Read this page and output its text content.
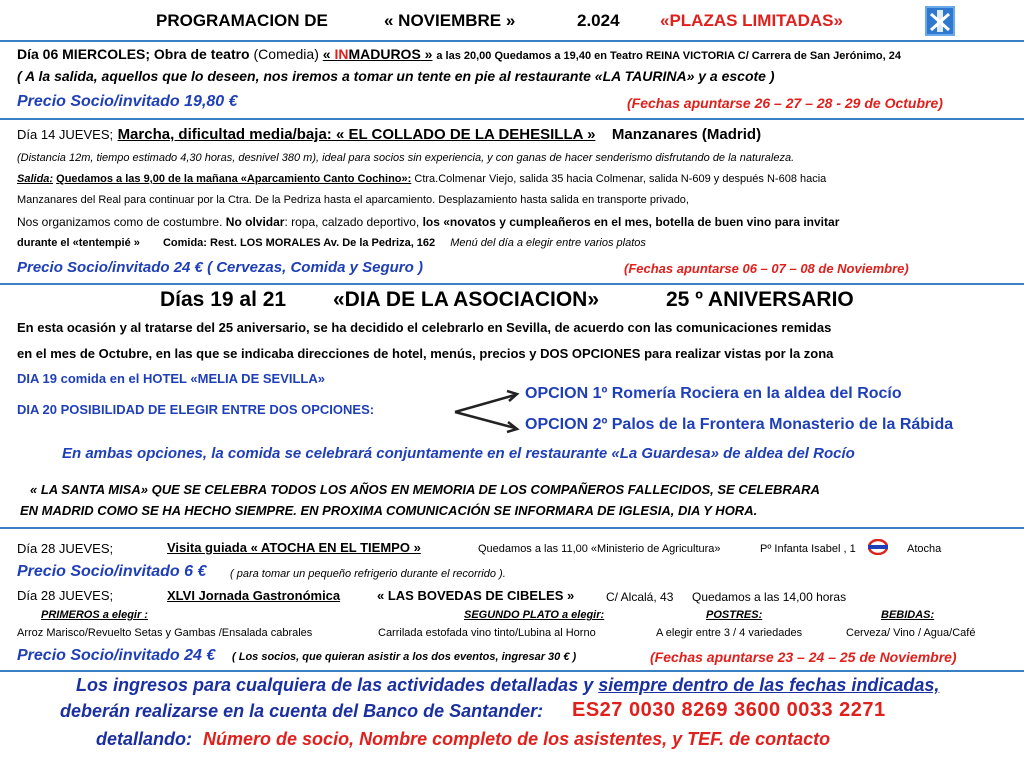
PROGRAMACION DE	« NOVIEMBRE »	2.024 «PLAZAS LIMITADAS»
Día 06 MIERCOLES; Obra de teatro (Comedia) « INMADUROS » a las 20,00 Quedamos a 19,40 en Teatro REINA VICTORIA C/ Carrera de San Jerónimo, 24
( A la salida, aquellos que lo deseen, nos iremos a tomar un tente en pie al restaurante «LA TAURINA» y a escote )
Precio Socio/invitado 19,80 €	(Fechas apuntarse 26 – 27 – 28 - 29 de Octubre)
Día 14 JUEVES; Marcha, dificultad media/baja: « EL COLLADO DE LA DEHESILLA » Manzanares (Madrid)
(Distancia 12m, tiempo estimado 4,30 horas, desnivel 380 m), ideal para socios sin experiencia, y con ganas de hacer senderismo disfrutando de la naturaleza.
Salida: Quedamos a las 9,00 de la mañana «Aparcamiento Canto Cochino»: Ctra.Colmenar Viejo, salida 35 hacia Colmenar, salida N-609 y después N-608 hacia
Manzanares del Real para continuar por la Ctra. De la Pedriza hasta el aparcamiento. Desplazamiento hasta salida en transporte privado,
Nos organizamos como de costumbre. No olvidar: ropa, calzado deportivo, los «novatos y cumpleañeros en el mes, botella de buen vino para invitar
durante el «tentempié » Comida: Rest. LOS MORALES Av. De la Pedriza, 162 Menú del día a elegir entre varios platos
Precio Socio/invitado 24 € ( Cervezas, Comida y Seguro )	(Fechas apuntarse 06 – 07 – 08 de Noviembre)
Días 19 al 21 «DIA DE LA ASOCIACION»	25 º ANIVERSARIO
En esta ocasión y al tratarse del 25 aniversario, se ha decidido el celebrarlo en Sevilla, de acuerdo con las comunicaciones remidas
en el mes de Octubre, en las que se indicaba direcciones de hotel, menús, precios y DOS OPCIONES para realizar vistas por la zona
DIA 19 comida en el HOTEL «MELIA DE SEVILLA»
DIA 20 POSIBILIDAD DE ELEGIR ENTRE DOS OPCIONES:
OPCION 1º Romería Rociera en la aldea del Rocío
OPCION 2º Palos de la Frontera Monasterio de la Rábida
En ambas opciones, la comida se celebrará conjuntamente en el restaurante «La Guardesa» de aldea del Rocío
« LA SANTA MISA» QUE SE CELEBRA TODOS LOS AÑOS EN MEMORIA DE LOS COMPAÑEROS FALLECIDOS, SE CELEBRARA
EN MADRID COMO SE HA HECHO SIEMPRE. EN PROXIMA COMUNICACIÓN SE INFORMARA DE IGLESIA, DIA Y HORA.
Día 28 JUEVES;	Visita guiada « ATOCHA EN EL TIEMPO »	Quedamos a las 11,00 «Ministerio de Agricultura»	Pº Infanta Isabel , 1	Atocha
Precio Socio/invitado 6 € ( para tomar un pequeño refrigerio durante el recorrido ).
Día 28 JUEVES;	XLVI Jornada Gastronómica	« LAS BOVEDAS DE CIBELES »	C/ Alcalá, 43 Quedamos a las 14,00 horas
PRIMEROS a elegir :	SEGUNDO PLATO a elegir:	POSTRES:	BEBIDAS:
Arroz Marisco/Revuelto Setas y Gambas /Ensalada cabrales	Carrilada estofada vino tinto/Lubina al Horno	A elegir entre 3 / 4 variedades	Cerveza/ Vino / Agua/Café
Precio Socio/invitado 24 € ( Los socios, que quieran asistir a los dos eventos, ingresar 30 € )	(Fechas apuntarse 23 – 24 – 25 de Noviembre)
Los ingresos para cualquiera de las actividades detalladas y siempre dentro de las fechas indicadas,
deberán realizarse en la cuenta del Banco de Santander: ES27 0030 8269 3600 0033 2271
detallando: Número de socio, Nombre completo de los asistentes, y TEF. de contacto
